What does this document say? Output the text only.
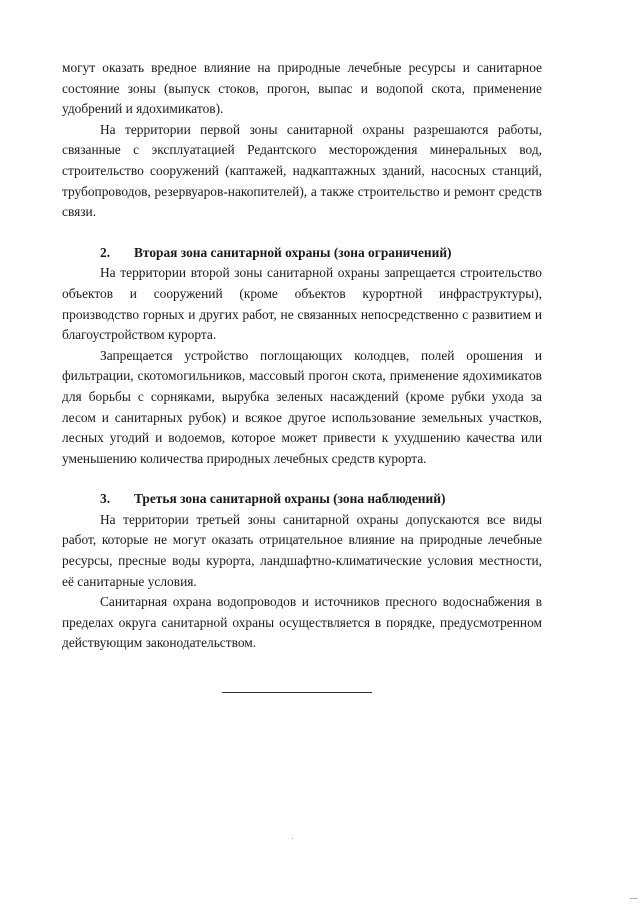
могут оказать вредное влияние на природные лечебные ресурсы и санитарное состояние зоны (выпуск стоков, прогон, выпас и водопой скота, применение удобрений и ядохимикатов).

На территории первой зоны санитарной охраны разрешаются работы, связанные с эксплуатацией Редантского месторождения минеральных вод, строительство сооружений (каптажей, надкаптажных зданий, насосных станций, трубопроводов, резервуаров-накопителей), а также строительство и ремонт средств связи.

2. Вторая зона санитарной охраны (зона ограничений)

На территории второй зоны санитарной охраны запрещается строительство объектов и сооружений (кроме объектов курортной инфраструктуры), производство горных и других работ, не связанных непосредственно с развитием и благоустройством курорта.

Запрещается устройство поглощающих колодцев, полей орошения и фильтрации, скотомогильников, массовый прогон скота, применение ядохимикатов для борьбы с сорняками, вырубка зеленых насаждений (кроме рубки ухода за лесом и санитарных рубок) и всякое другое использование земельных участков, лесных угодий и водоемов, которое может привести к ухудшению качества или уменьшению количества природных лечебных средств курорта.

3. Третья зона санитарной охраны (зона наблюдений)

На территории третьей зоны санитарной охраны допускаются все виды работ, которые не могут оказать отрицательное влияние на природные лечебные ресурсы, пресные воды курорта, ландшафтно-климатические условия местности, её санитарные условия.

Санитарная охрана водопроводов и источников пресного водоснабжения в пределах округа санитарной охраны осуществляется в порядке, предусмотренном действующим законодательством.
